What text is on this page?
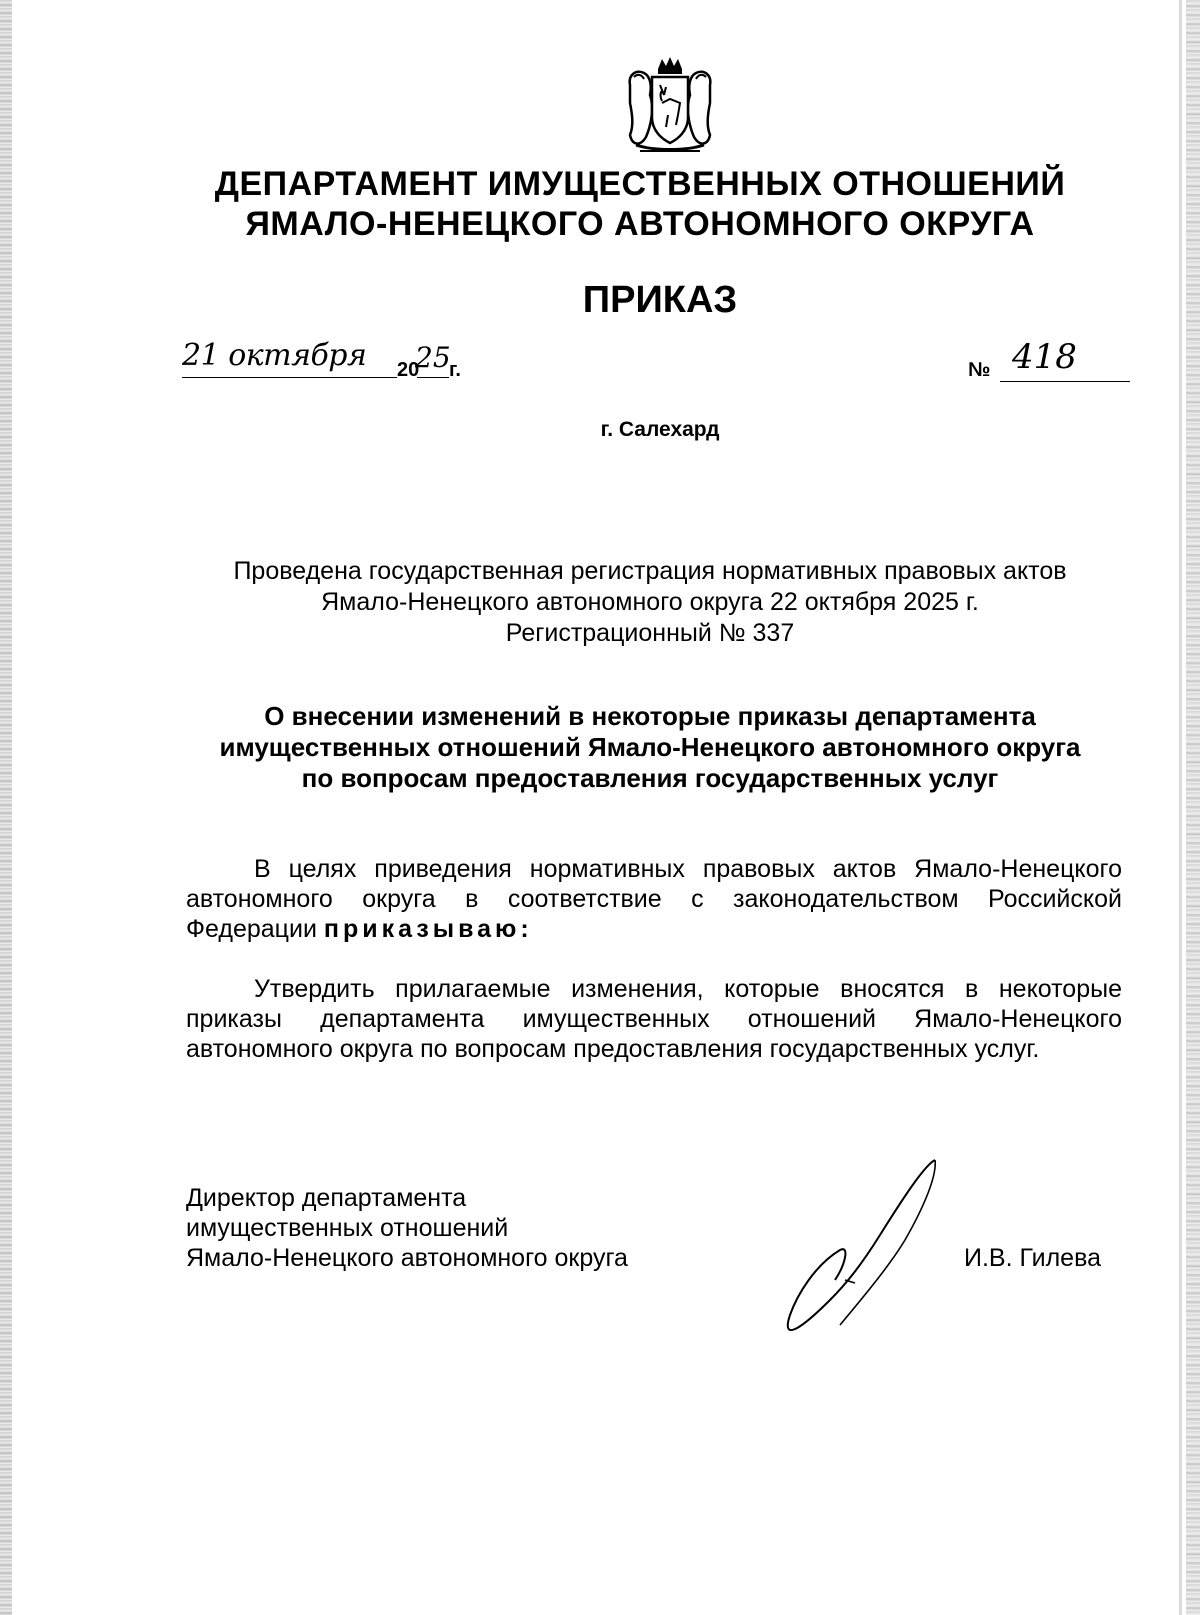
ДЕПАРТАМЕНТ ИМУЩЕСТВЕННЫХ ОТНОШЕНИЙ
ЯМАЛО-НЕНЕЦКОГО АВТОНОМНОГО ОКРУГА
ПРИКАЗ
21 октября 20
25
г.	№ 418
г. Салехард
Проведена государственная регистрация нормативных правовых актов
Ямало-Ненецкого автономного округа 22 октября 2025 г.
Регистрационный № 337
О внесении изменений в некоторые приказы департамента
имущественных отношений Ямало-Ненецкого автономного округа
по вопросам предоставления государственных услуг
В целях приведения нормативных правовых актов Ямало-Ненецкого автономного округа в соответствие с законодательством Российской Федерации приказываю:
Утвердить прилагаемые изменения, которые вносятся в некоторые приказы департамента имущественных отношений Ямало-Ненецкого автономного округа по вопросам предоставления государственных услуг.
Директор департамента
имущественных отношений
Ямало-Ненецкого автономного округа	И.В. Гилева
